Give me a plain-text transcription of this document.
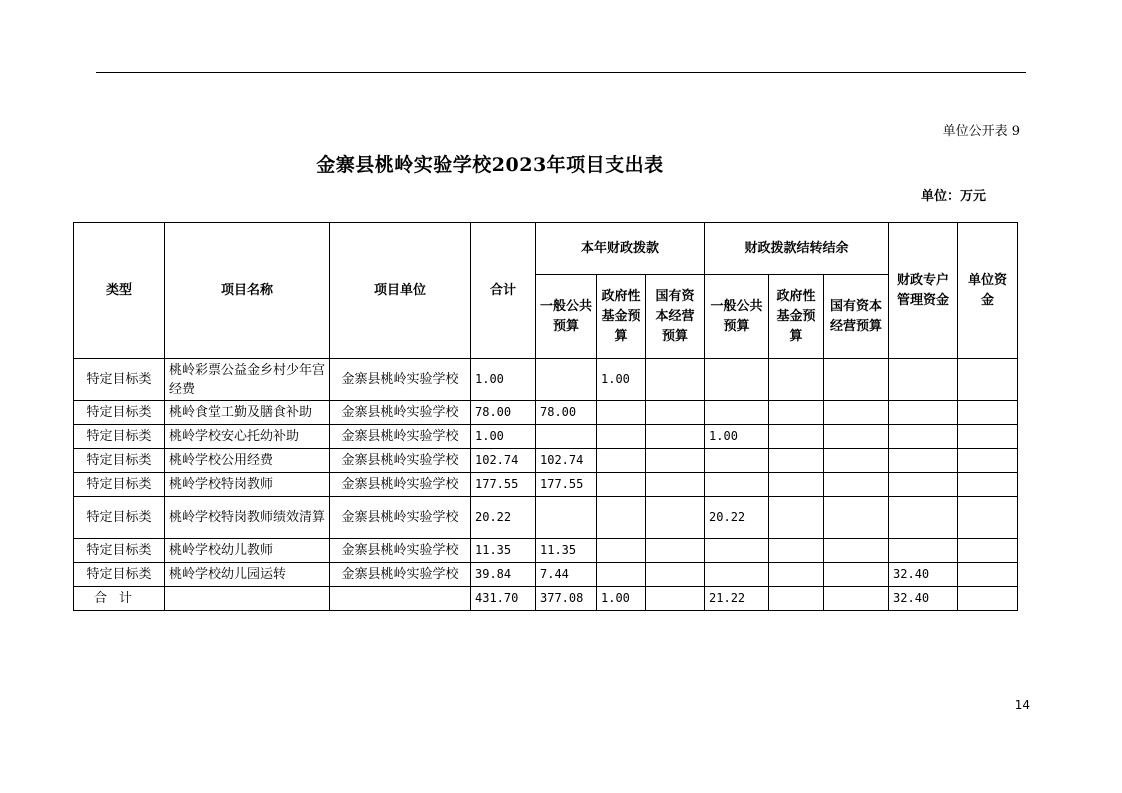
单位公开表 9
金寨县桃岭实验学校2023年项目支出表
单位：万元
类型	项目名称	项目单位	合计	本年财政拨款			财政拨款结转结余			财政专户管理资金	单位资金
				一般公共预算	政府性基金预算	国有资本经营预算	一般公共预算	政府性基金预算	国有资本经营预算		
特定目标类	桃岭彩票公益金乡村少年宫经费	金寨县桃岭实验学校	1.00		1.00						
特定目标类	桃岭食堂工勤及膳食补助	金寨县桃岭实验学校	78.00	78.00							
特定目标类	桃岭学校安心托幼补助	金寨县桃岭实验学校	1.00				1.00				
特定目标类	桃岭学校公用经费	金寨县桃岭实验学校	102.74	102.74							
特定目标类	桃岭学校特岗教师	金寨县桃岭实验学校	177.55	177.55							
特定目标类	桃岭学校特岗教师绩效清算	金寨县桃岭实验学校	20.22				20.22				
特定目标类	桃岭学校幼儿教师	金寨县桃岭实验学校	11.35	11.35							
特定目标类	桃岭学校幼儿园运转	金寨县桃岭实验学校	39.84	7.44						32.40	
合计			431.70	377.08	1.00		21.22			32.40	
14
